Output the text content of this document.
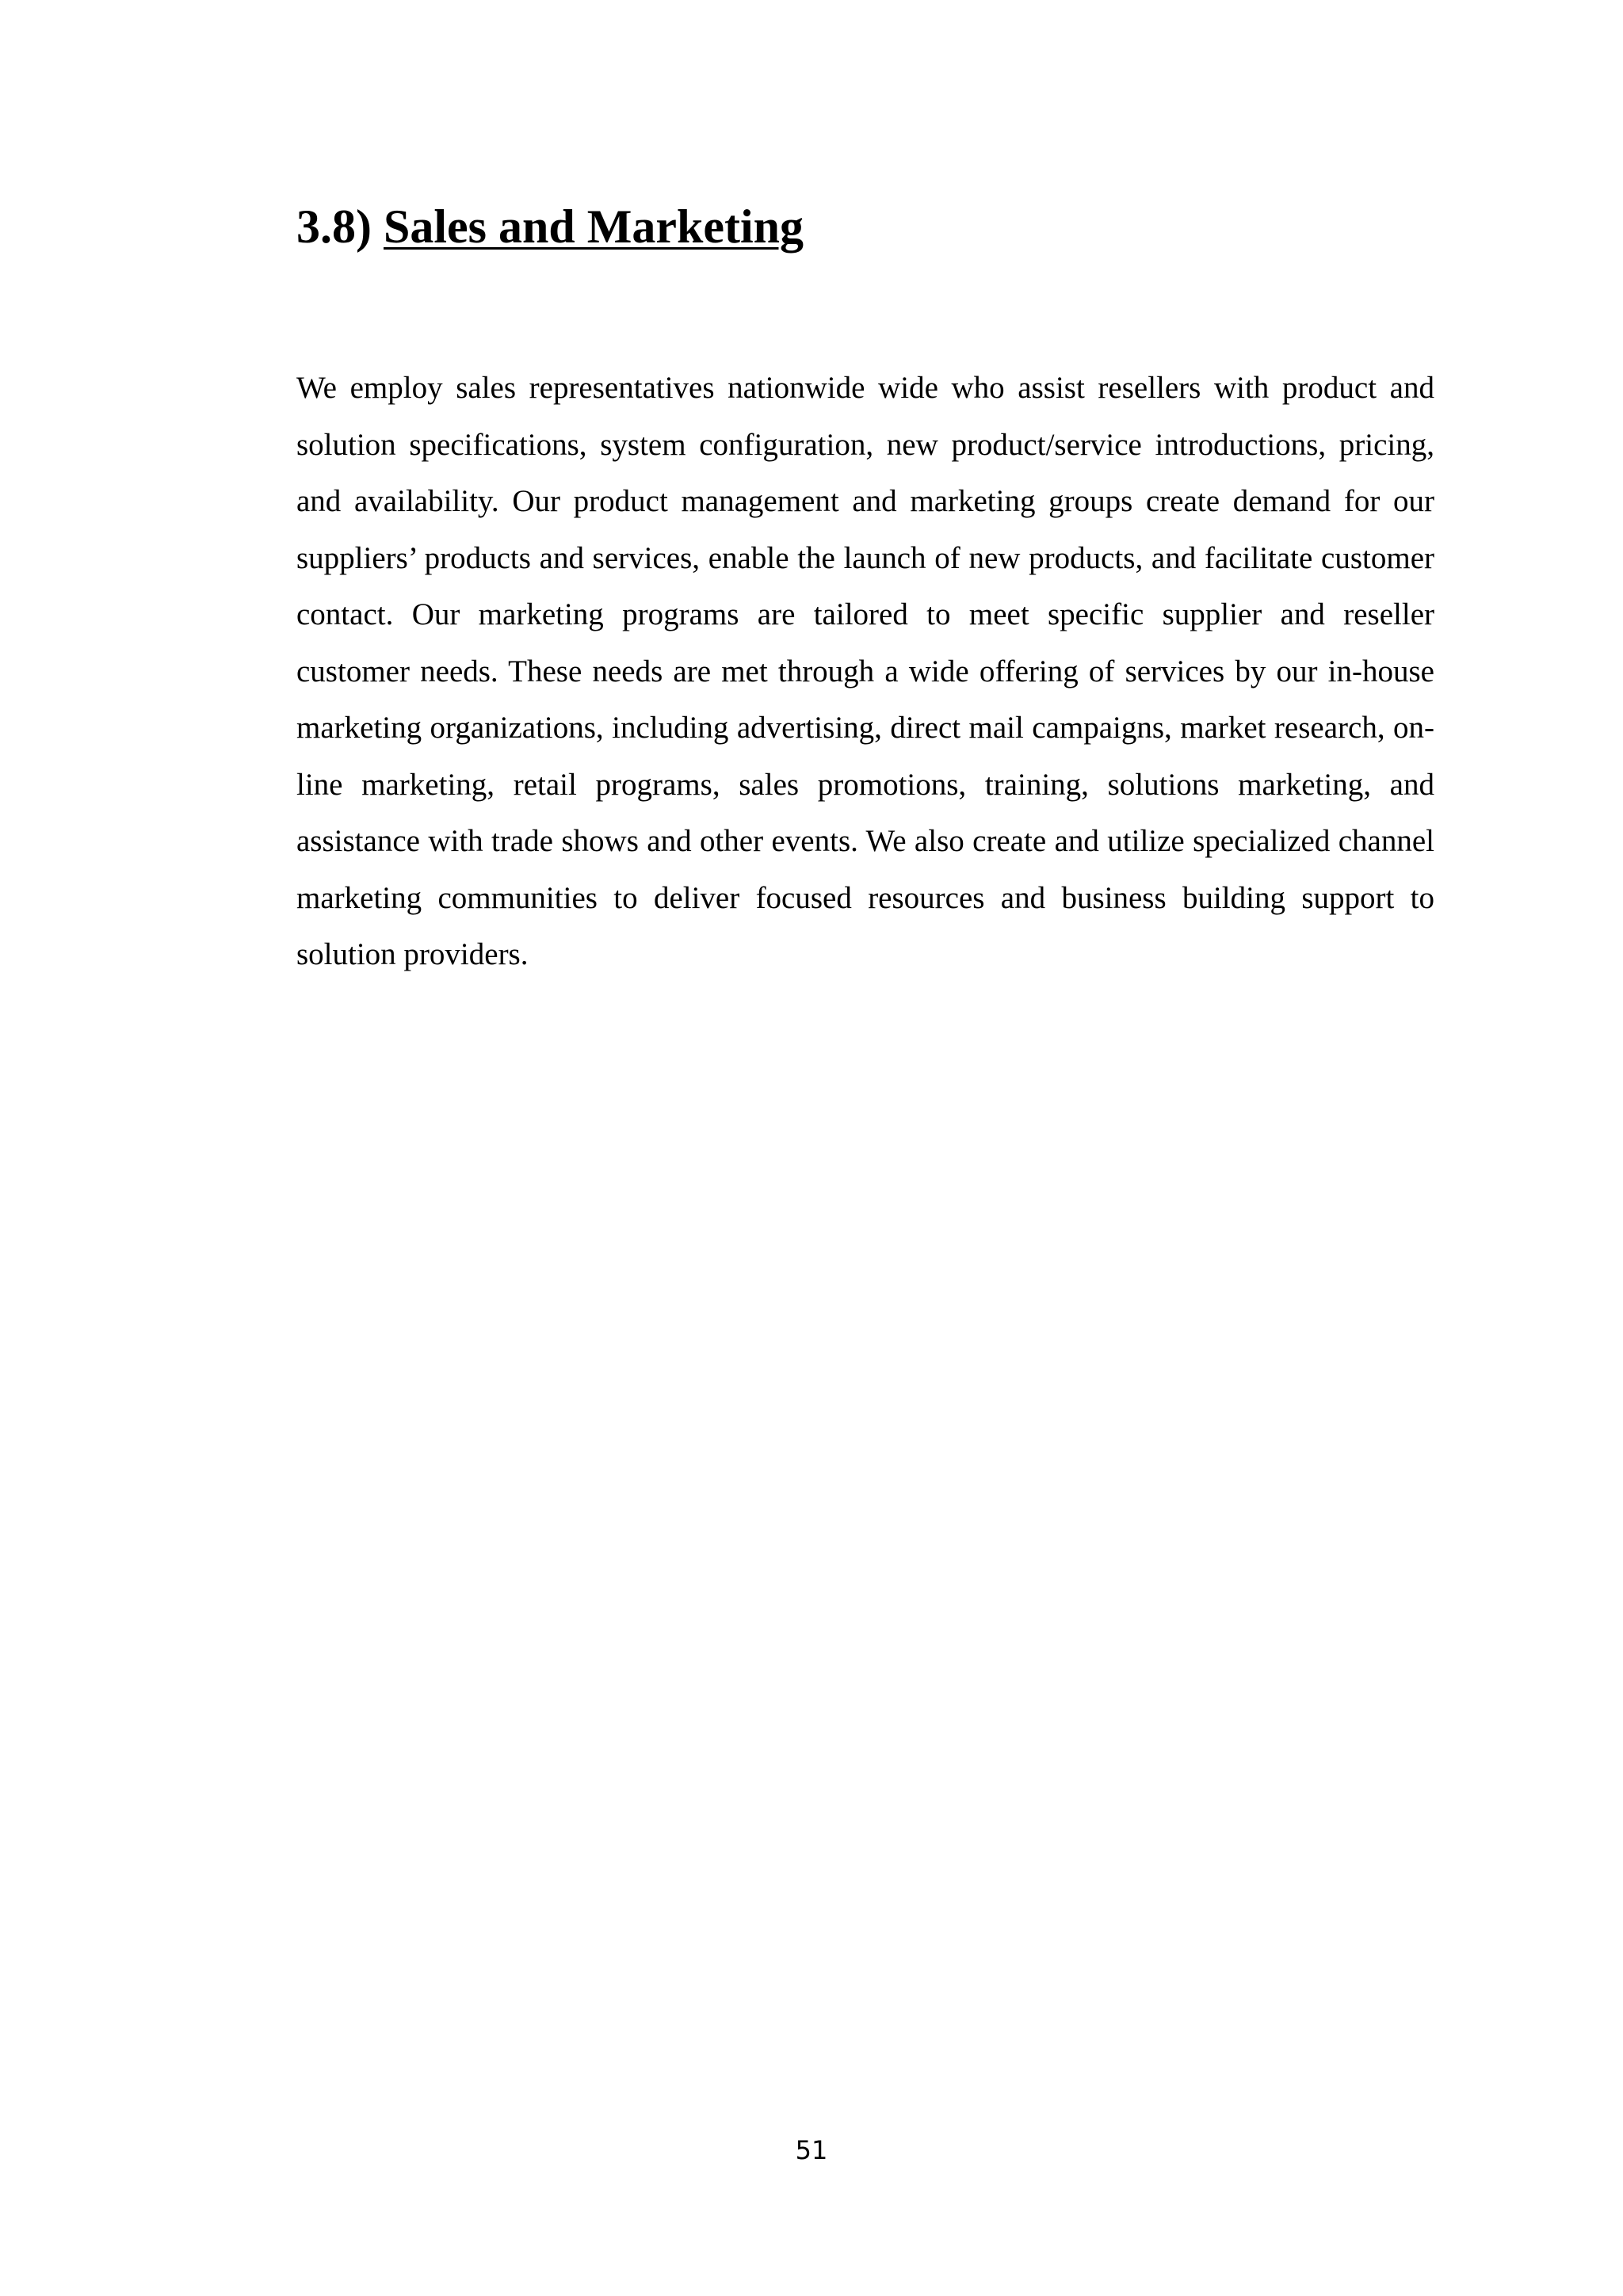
3.8) Sales and Marketing

We employ sales representatives nationwide wide who assist resellers with product and solution specifications, system configuration, new product/service introductions, pricing, and availability. Our product management and marketing groups create demand for our suppliers’ products and services, enable the launch of new products, and facilitate customer contact. Our marketing programs are tailored to meet specific supplier and reseller customer needs. These needs are met through a wide offering of services by our in-house marketing organizations, including advertising, direct mail campaigns, market research, on-line marketing, retail programs, sales promotions, training, solutions marketing, and assistance with trade shows and other events. We also create and utilize specialized channel marketing communities to deliver focused resources and business building support to solution providers.

51
